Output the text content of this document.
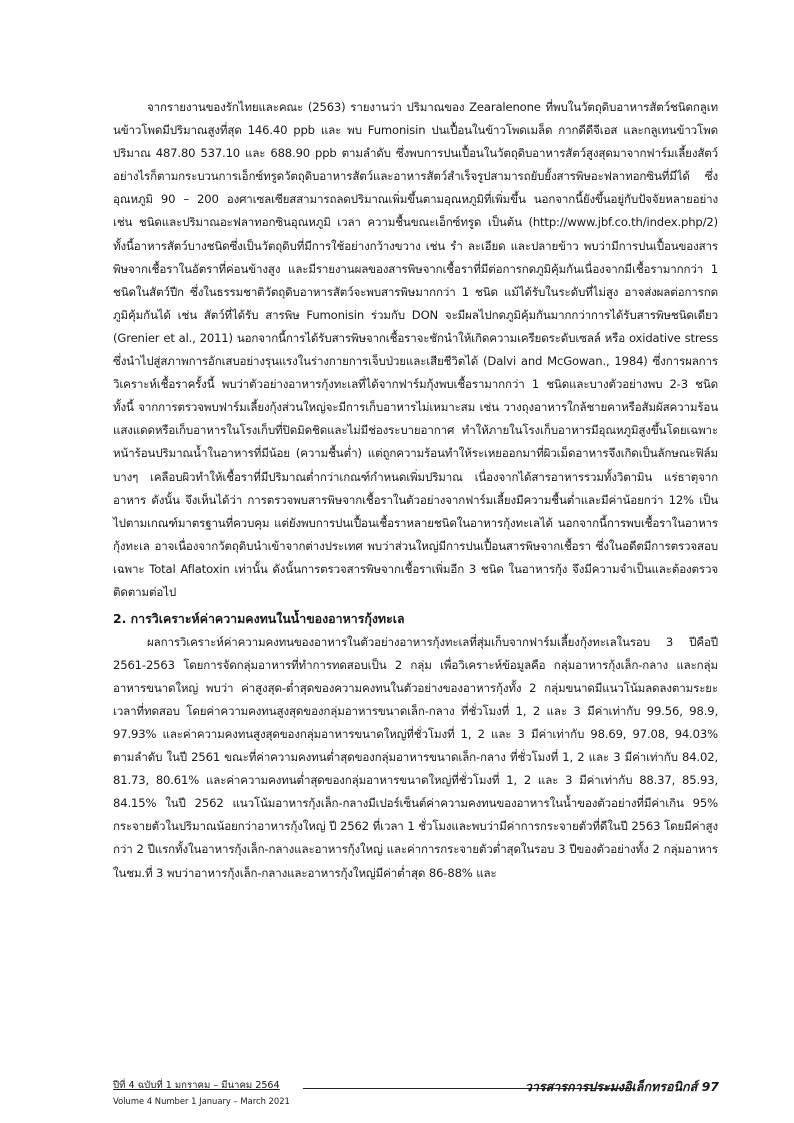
จากรายงานของรักไทยและคณะ (2563) รายงานว่า ปริมาณของ Zearalenone ที่พบในวัตถุดิบอาหารสัตว์ชนิดกลูเทนข้าวโพดมีปริมาณสูงที่สุด 146.40 ppb และ พบ Fumonisin ปนเปื้อนในข้าวโพดเมล็ด กากดีดีจีเอส และกลูเทนข้าวโพด ปริมาณ 487.80 537.10 และ 688.90 ppb ตามลำดับ ซึ่งพบการปนเปื้อนในวัตถุดิบอาหารสัตว์สูงสุดมาจากฟาร์มเลี้ยงสัตว์ อย่างไรก็ตามกระบวนการเอ็กซ์ทรูดวัตถุดิบอาหารสัตว์และอาหารสัตว์สำเร็จรูปสามารถยับยั้งสารพิษอะฟลาทอกซินที่มีได้ ซึ่งอุณหภูมิ 90 – 200 องศาเซลเซียสสามารถลดปริมาณเพิ่มขึ้นตามอุณหภูมิที่เพิ่มขึ้น นอกจากนี้ยังขึ้นอยู่กับปัจจัยหลายอย่าง เช่น ชนิดและปริมาณอะฟลาทอกซินอุณหภูมิ เวลา ความชื้นขณะเอ็กซ์ทรูด เป็นต้น (http://www.jbf.co.th/index.php/2) ทั้งนี้อาหารสัตว์บางชนิดซึ่งเป็นวัตถุดิบที่มีการใช้อย่างกว้างขวาง เช่น รำ ละเอียด และปลายข้าว พบว่ามีการปนเปื้อนของสารพิษจากเชื้อราในอัตราที่ค่อนข้างสูง และมีรายงานผลของสารพิษจากเชื้อราที่มีต่อการกดภูมิคุ้มกันเนื่องจากมีเชื้อรามากกว่า 1 ชนิดในสัตว์ปีก ซึ่งในธรรมชาติวัตถุดิบอาหารสัตว์จะพบสารพิษมากกว่า 1 ชนิด แม้ได้รับในระดับที่ไม่สูง อาจส่งผลต่อการกดภูมิคุ้มกันได้ เช่น สัตว์ที่ได้รับ สารพิษ Fumonisin ร่วมกับ DON จะมีผลไปกดภูมิคุ้มกันมากกว่าการได้รับสารพิษชนิดเดียว (Grenier et al., 2011) นอกจากนี้การได้รับสารพิษจากเชื้อราจะชักนำให้เกิดความเครียดระดับเซลล์ หรือ oxidative stress ซึ่งนำไปสู่สภาพการอักเสบอย่างรุนแรงในร่างกายการเจ็บป่วยและเสียชีวิตได้ (Dalvi and McGowan., 1984) ซึ่งการผลการวิเคราะห์เชื้อราครั้งนี้ พบว่าตัวอย่างอาหารกุ้งทะเลที่ได้จากฟาร์มกุ้งพบเชื้อรามากกว่า 1 ชนิดและบางตัวอย่างพบ 2-3 ชนิด ทั้งนี้ จากการตรวจพบฟาร์มเลี้ยงกุ้งส่วนใหญ่จะมีการเก็บอาหารไม่เหมาะสม เช่น วางถุงอาหารใกล้ชายคาหรือสัมผัสความร้อนแสงแดดหรือเก็บอาหารในโรงเก็บที่ปิดมิดชิดและไม่มีช่องระบายอากาศ ทำให้ภายในโรงเก็บอาหารมีอุณหภูมิสูงขึ้นโดยเฉพาะหน้าร้อนปริมาณน้ำในอาหารที่มีน้อย (ความชื้นต่ำ) แต่ถูกความร้อนทำให้ระเหยออกมาที่ผิวเม็ดอาหารจึงเกิดเป็นลักษณะฟิล์มบางๆ เคลือบผิวทำให้เชื้อราที่มีปริมาณต่ำกว่าเกณฑ์กำหนดเพิ่มปริมาณ เนื่องจากได้สารอาหารรวมทั้งวิตามิน แร่ธาตุจากอาหาร ดังนั้น จึงเห็นได้ว่า การตรวจพบสารพิษจากเชื้อราในตัวอย่างจากฟาร์มเลี้ยงมีความชื้นต่ำและมีค่าน้อยกว่า 12% เป็นไปตามเกณฑ์มาตรฐานที่ควบคุม แต่ยังพบการปนเปื้อนเชื้อราหลายชนิดในอาหารกุ้งทะเลได้ นอกจากนี้การพบเชื้อราในอาหารกุ้งทะเล อาจเนื่องจากวัตถุดิบนำเข้าจากต่างประเทศ พบว่าส่วนใหญ่มีการปนเปื้อนสารพิษจากเชื้อรา ซึ่งในอดีตมีการตรวจสอบเฉพาะ Total Aflatoxin เท่านั้น ดังนั้นการตรวจสารพิษจากเชื้อราเพิ่มอีก 3 ชนิด ในอาหารกุ้ง จึงมีความจำเป็นและต้องตรวจติดตามต่อไป

2. การวิเคราะห์ค่าความคงทนในน้ำของอาหารกุ้งทะเล

ผลการวิเคราะห์ค่าความคงทนของอาหารในตัวอย่างอาหารกุ้งทะเลที่สุ่มเก็บจากฟาร์มเลี้ยงกุ้งทะเลในรอบ 3 ปีคือปี 2561-2563 โดยการจัดกลุ่มอาหารที่ทำการทดสอบเป็น 2 กลุ่ม เพื่อวิเคราะห์ข้อมูลคือ กลุ่มอาหารกุ้งเล็ก-กลาง และกลุ่มอาหารขนาดใหญ่ พบว่า ค่าสูงสุด-ต่ำสุดของความคงทนในตัวอย่างของอาหารกุ้งทั้ง 2 กลุ่มขนาดมีแนวโน้มลดลงตามระยะเวลาที่ทดสอบ โดยค่าความคงทนสูงสุดของกลุ่มอาหารขนาดเล็ก-กลาง ที่ชั่วโมงที่ 1, 2 และ 3 มีค่าเท่ากับ 99.56, 98.9, 97.93% และค่าความคงทนสูงสุดของกลุ่มอาหารขนาดใหญ่ที่ชั่วโมงที่ 1, 2 และ 3 มีค่าเท่ากับ 98.69, 97.08, 94.03% ตามลำดับ ในปี 2561 ขณะที่ค่าความคงทนต่ำสุดของกลุ่มอาหารขนาดเล็ก-กลาง ที่ชั่วโมงที่ 1, 2 และ 3 มีค่าเท่ากับ 84.02, 81.73, 80.61% และค่าความคงทนต่ำสุดของกลุ่มอาหารขนาดใหญ่ที่ชั่วโมงที่ 1, 2 และ 3 มีค่าเท่ากับ 88.37, 85.93, 84.15% ในปี 2562 แนวโน้มอาหารกุ้งเล็ก-กลางมีเปอร์เซ็นต์ค่าความคงทนของอาหารในน้ำของตัวอย่างที่มีค่าเกิน 95% กระจายตัวในปริมาณน้อยกว่าอาหารกุ้งใหญ่ ปี 2562 ที่เวลา 1 ชั่วโมงและพบว่ามีค่าการกระจายตัวที่ดีในปี 2563 โดยมีค่าสูงกว่า 2 ปีแรกทั้งในอาหารกุ้งเล็ก-กลางและอาหารกุ้งใหญ่ และค่าการกระจายตัวต่ำสุดในรอบ 3 ปีของตัวอย่างทั้ง 2 กลุ่มอาหารในชม.ที่ 3 พบว่าอาหารกุ้งเล็ก-กลางและอาหารกุ้งใหญ่มีค่าต่ำสุด 86-88% และ

ปีที่ 4 ฉบับที่ 1 มกราคม – มีนาคม 2564
Volume 4 Number 1 January – March 2021
วารสารการประมงอิเล็กทรอนิกส์ 97
